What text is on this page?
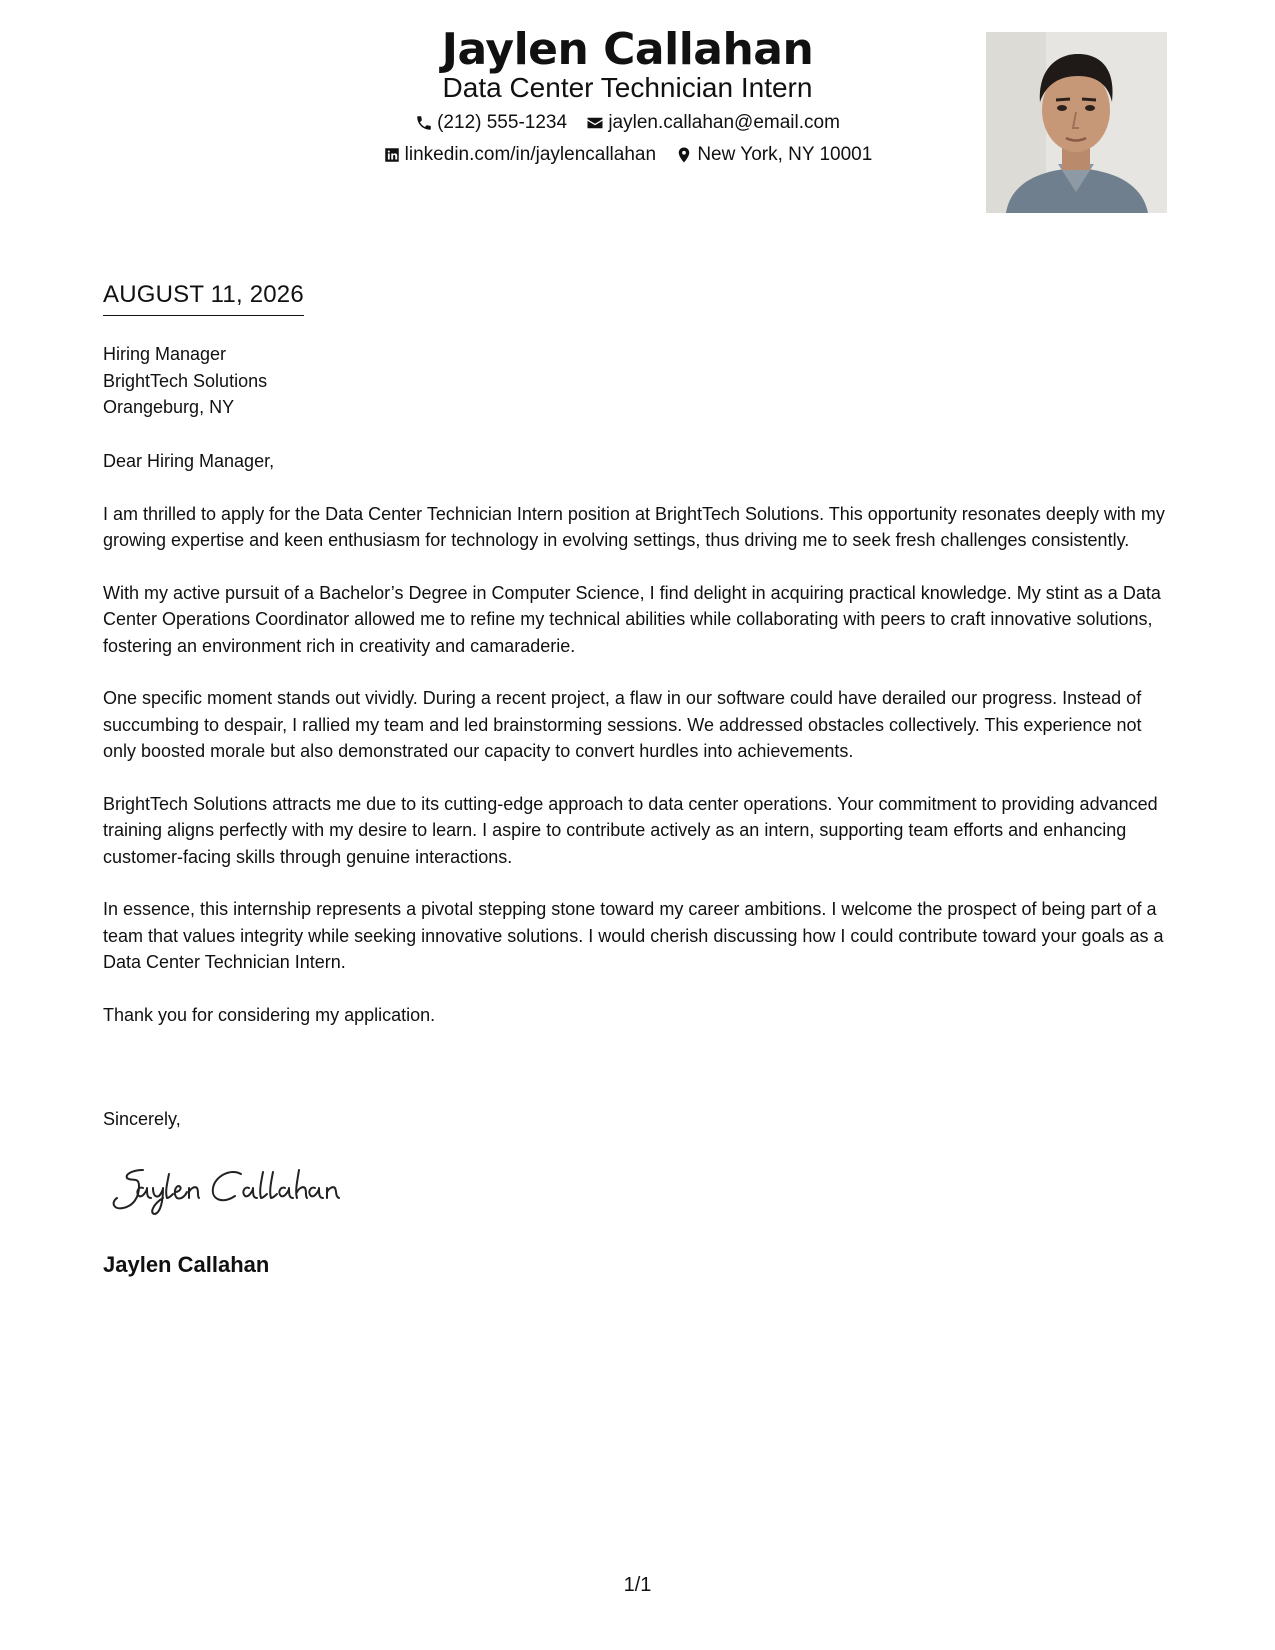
Jaylen Callahan
Data Center Technician Intern
(212) 555-1234
jaylen.callahan@email.com
linkedin.com/in/jaylencallahan
New York, NY 10001
AUGUST 11, 2026
Hiring Manager
BrightTech Solutions
Orangeburg, NY

Dear Hiring Manager,

I am thrilled to apply for the Data Center Technician Intern position at BrightTech Solutions. This opportunity resonates deeply with my growing expertise and keen enthusiasm for technology in evolving settings, thus driving me to seek fresh challenges consistently.

With my active pursuit of a Bachelor’s Degree in Computer Science, I find delight in acquiring practical knowledge. My stint as a Data Center Operations Coordinator allowed me to refine my technical abilities while collaborating with peers to craft innovative solutions, fostering an environment rich in creativity and camaraderie.

One specific moment stands out vividly. During a recent project, a flaw in our software could have derailed our progress. Instead of succumbing to despair, I rallied my team and led brainstorming sessions. We addressed obstacles collectively. This experience not only boosted morale but also demonstrated our capacity to convert hurdles into achievements.

BrightTech Solutions attracts me due to its cutting-edge approach to data center operations. Your commitment to providing advanced training aligns perfectly with my desire to learn. I aspire to contribute actively as an intern, supporting team efforts and enhancing customer-facing skills through genuine interactions.

In essence, this internship represents a pivotal stepping stone toward my career ambitions. I welcome the prospect of being part of a team that values integrity while seeking innovative solutions. I would cherish discussing how I could contribute toward your goals as a Data Center Technician Intern.

Thank you for considering my application.

Sincerely,
Jaylen Callahan
1/1
